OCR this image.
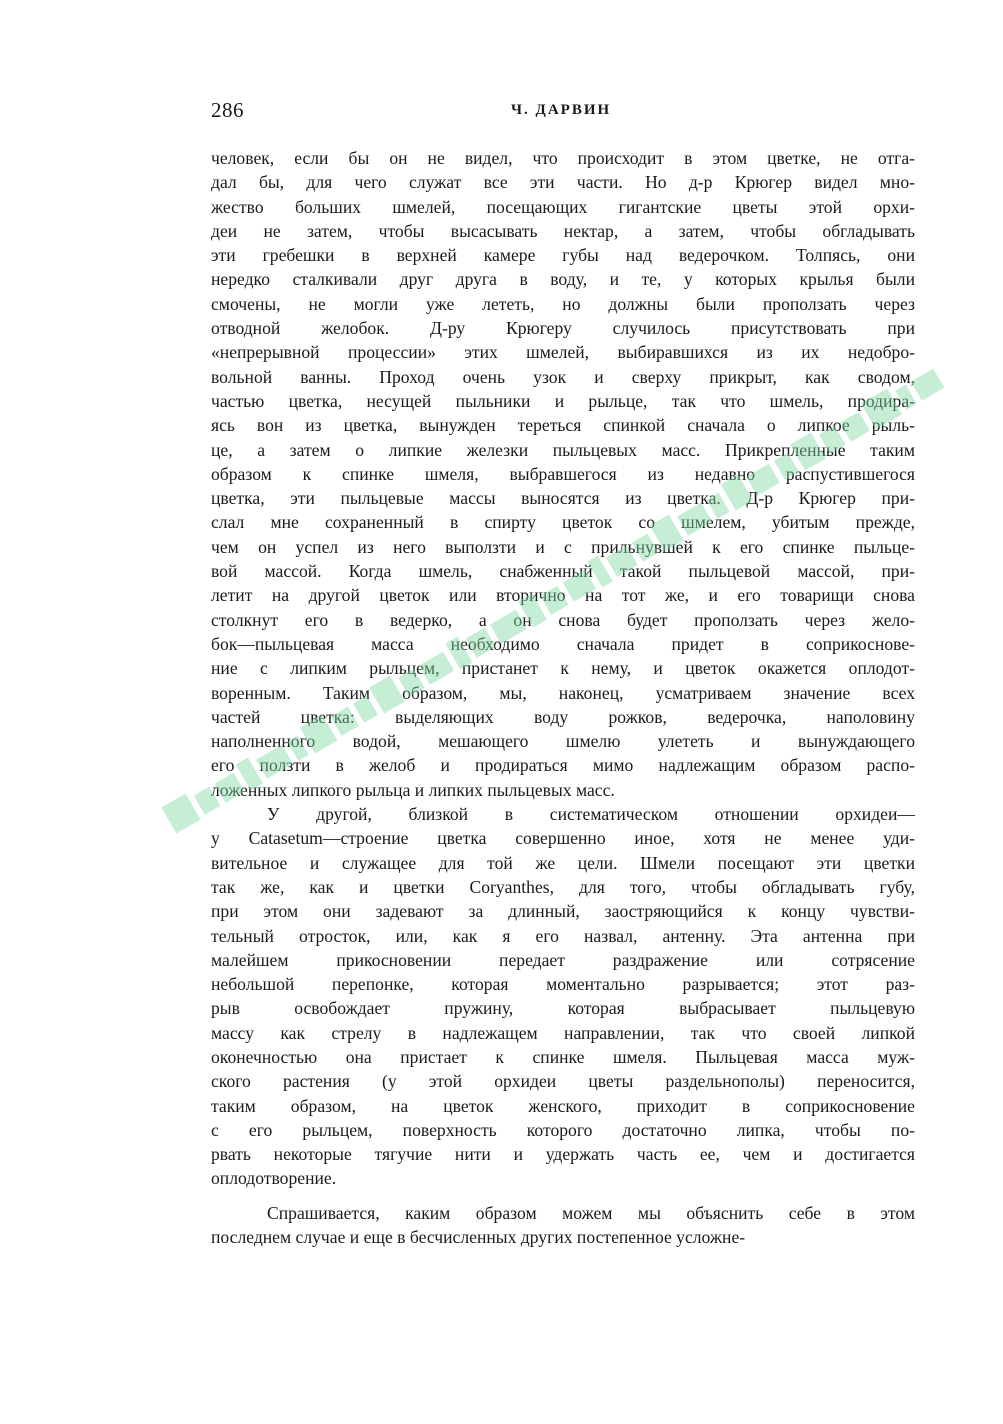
286	Ч. ДАРВИН
человек, если бы он не видел, что происходит в этом цветке, не отга-
дал бы, для чего служат все эти части. Но д-р Крюгер видел мно-
жество больших шмелей, посещающих гигантские цветы этой орхи-
деи не затем, чтобы высасывать нектар, а затем, чтобы обгладывать
эти гребешки в верхней камере губы над ведерочком. Толпясь, они
нередко сталкивали друг друга в воду, и те, у которых крылья были
смочены, не могли уже лететь, но должны были проползать через
отводной желобок. Д-ру Крюгеру случилось присутствовать при
«непрерывной процессии» этих шмелей, выбиравшихся из их недобро-
вольной ванны. Проход очень узок и сверху прикрыт, как сводом,
частью цветка, несущей пыльники и рыльце, так что шмель, продира-
ясь вон из цветка, вынужден тереться спинкой сначала о липкое рыль-
це, а затем о липкие железки пыльцевых масс. Прикрепленные таким
образом к спинке шмеля, выбравшегося из недавно распустившегося
цветка, эти пыльцевые массы выносятся из цветка. Д-р Крюгер при-
слал мне сохраненный в спирту цветок со шмелем, убитым прежде,
чем он успел из него выползти и с прильнувшей к его спинке пыльце-
вой массой. Когда шмель, снабженный такой пыльцевой массой, при-
летит на другой цветок или вторично на тот же, и его товарищи снова
столкнут его в ведерко, а он снова будет проползать через жело-
бок—пыльцевая масса необходимо сначала придет в соприкоснове-
ние с липким рыльцем, пристанет к нему, и цветок окажется оплодот-
воренным. Таким образом, мы, наконец, усматриваем значение всех
частей цветка: выделяющих воду рожков, ведерочка, наполовину
наполненного водой, мешающего шмелю улететь и вынуждающего
его ползти в желоб и продираться мимо надлежащим образом распо-
ложенных липкого рыльца и липких пыльцевых масс.
У другой, близкой в систематическом отношении орхидеи—
у Catasetum—строение цветка совершенно иное, хотя не менее уди-
вительное и служащее для той же цели. Шмели посещают эти цветки
так же, как и цветки Coryanthes, для того, чтобы обгладывать губу,
при этом они задевают за длинный, заостряющийся к концу чувстви-
тельный отросток, или, как я его назвал, антенну. Эта антенна при
малейшем прикосновении передает раздражение или сотрясение
небольшой перепонке, которая моментально разрывается; этот раз-
рыв освобождает пружину, которая выбрасывает пыльцевую
массу как стрелу в надлежащем направлении, так что своей липкой
оконечностью она пристает к спинке шмеля. Пыльцевая масса муж-
ского растения (у этой орхидеи цветы раздельнополы) переносится,
таким образом, на цветок женского, приходит в соприкосновение
с его рыльцем, поверхность которого достаточно липка, чтобы по-
рвать некоторые тягучие нити и удержать часть ее, чем и достигается
оплодотворение.
Спрашивается, каким образом можем мы объяснить себе в этом
последнем случае и еще в бесчисленных других постепенное усложне-
